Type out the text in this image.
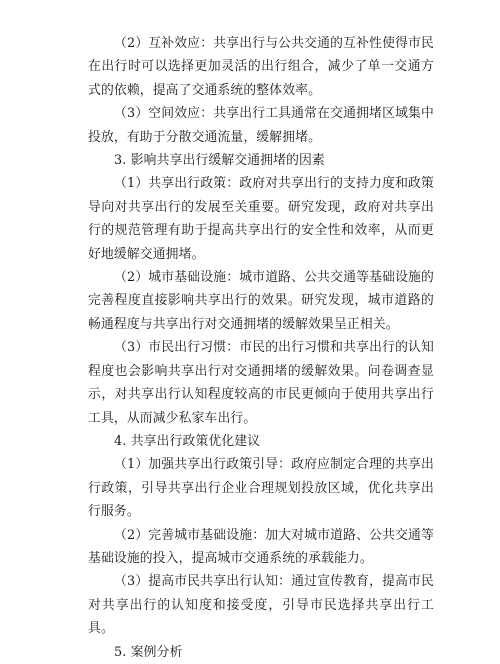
（2）互补效应：共享出行与公共交通的互补性使得市民在出行时可以选择更加灵活的出行组合，减少了单一交通方式的依赖，提高了交通系统的整体效率。

（3）空间效应：共享出行工具通常在交通拥堵区域集中投放，有助于分散交通流量，缓解拥堵。

3. 影响共享出行缓解交通拥堵的因素

（1）共享出行政策：政府对共享出行的支持力度和政策导向对共享出行的发展至关重要。研究发现，政府对共享出行的规范管理有助于提高共享出行的安全性和效率，从而更好地缓解交通拥堵。

（2）城市基础设施：城市道路、公共交通等基础设施的完善程度直接影响共享出行的效果。研究发现，城市道路的畅通程度与共享出行对交通拥堵的缓解效果呈正相关。

（3）市民出行习惯：市民的出行习惯和共享出行的认知程度也会影响共享出行对交通拥堵的缓解效果。问卷调查显示，对共享出行认知程度较高的市民更倾向于使用共享出行工具，从而减少私家车出行。

4. 共享出行政策优化建议

（1）加强共享出行政策引导：政府应制定合理的共享出行政策，引导共享出行企业合理规划投放区域，优化共享出行服务。

（2）完善城市基础设施：加大对城市道路、公共交通等基础设施的投入，提高城市交通系统的承载能力。

（3）提高市民共享出行认知：通过宣传教育，提高市民对共享出行的认知度和接受度，引导市民选择共享出行工具。

5. 案例分析
